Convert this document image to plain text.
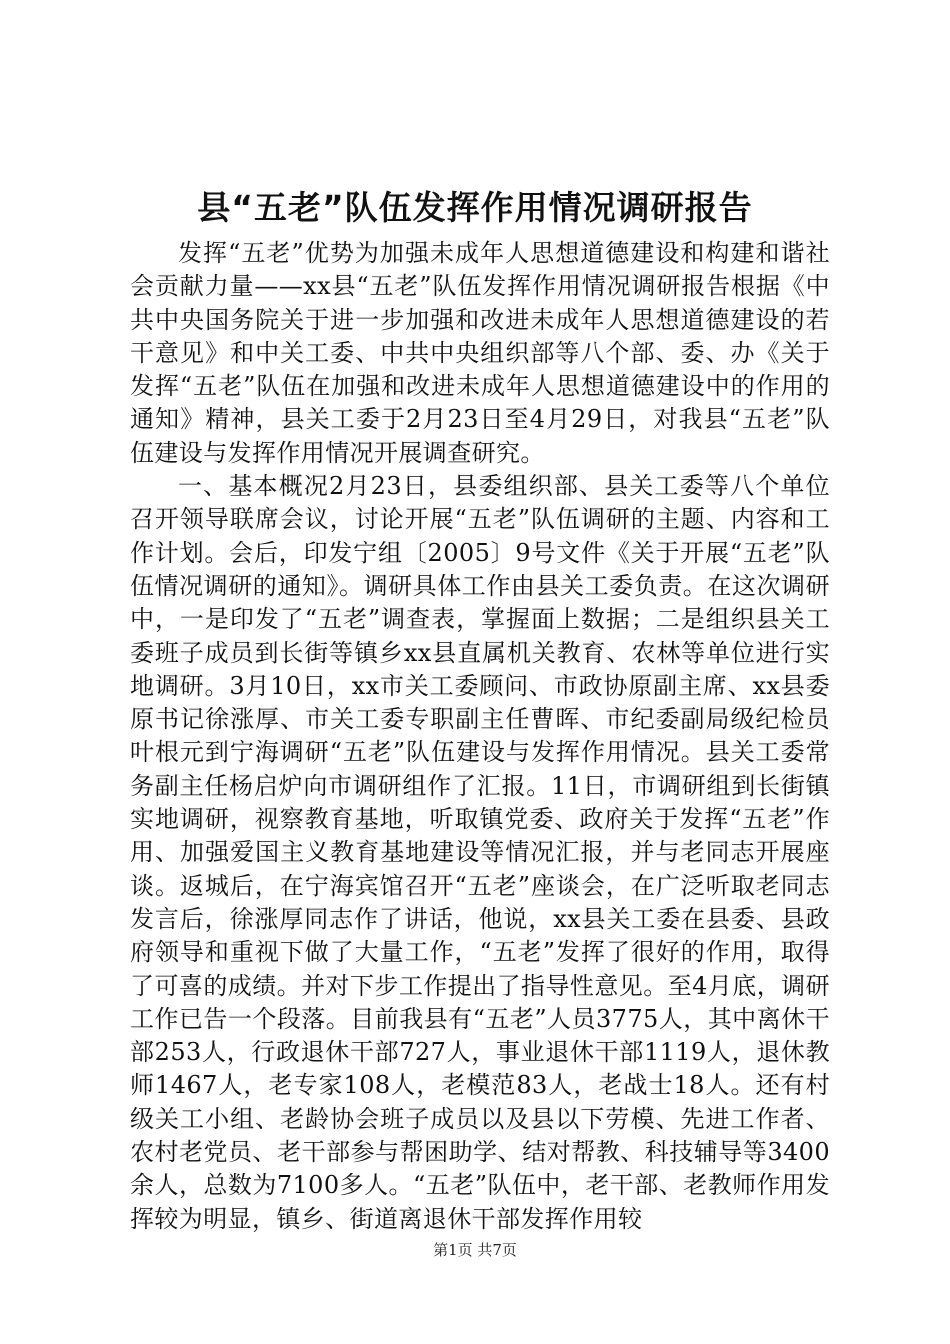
县“五老”队伍发挥作用情况调研报告

发挥“五老”优势为加强未成年人思想道德建设和构建和谐社会贡献力量——xx县“五老”队伍发挥作用情况调研报告根据《中共中央国务院关于进一步加强和改进未成年人思想道德建设的若干意见》和中关工委、中共中央组织部等八个部、委、办《关于发挥“五老”队伍在加强和改进未成年人思想道德建设中的作用的通知》精神，县关工委于2月23日至4月29日，对我县“五老”队伍建设与发挥作用情况开展调查研究。

一、基本概况2月23日，县委组织部、县关工委等八个单位召开领导联席会议，讨论开展“五老”队伍调研的主题、内容和工作计划。会后，印发宁组〔2005〕9号文件《关于开展“五老”队伍情况调研的通知》。调研具体工作由县关工委负责。在这次调研中，一是印发了“五老”调查表，掌握面上数据；二是组织县关工委班子成员到长街等镇乡xx县直属机关教育、农林等单位进行实地调研。3月10日，xx市关工委顾问、市政协原副主席、xx县委原书记徐涨厚、市关工委专职副主任曹晖、市纪委副局级纪检员叶根元到宁海调研“五老”队伍建设与发挥作用情况。县关工委常务副主任杨启炉向市调研组作了汇报。11日，市调研组到长街镇实地调研，视察教育基地，听取镇党委、政府关于发挥“五老”作用、加强爱国主义教育基地建设等情况汇报，并与老同志开展座谈。返城后，在宁海宾馆召开“五老”座谈会，在广泛听取老同志发言后，徐涨厚同志作了讲话，他说，xx县关工委在县委、县政府领导和重视下做了大量工作，“五老”发挥了很好的作用，取得了可喜的成绩。并对下步工作提出了指导性意见。至4月底，调研工作已告一个段落。目前我县有“五老”人员3775人，其中离休干部253人，行政退休干部727人，事业退休干部1119人，退休教师1467人，老专家108人，老模范83人，老战士18人。还有村级关工小组、老龄协会班子成员以及县以下劳模、先进工作者、农村老党员、老干部参与帮困助学、结对帮教、科技辅导等3400余人，总数为7100多人。“五老”队伍中，老干部、老教师作用发挥较为明显，镇乡、街道离退休干部发挥作用较

第1页 共7页
